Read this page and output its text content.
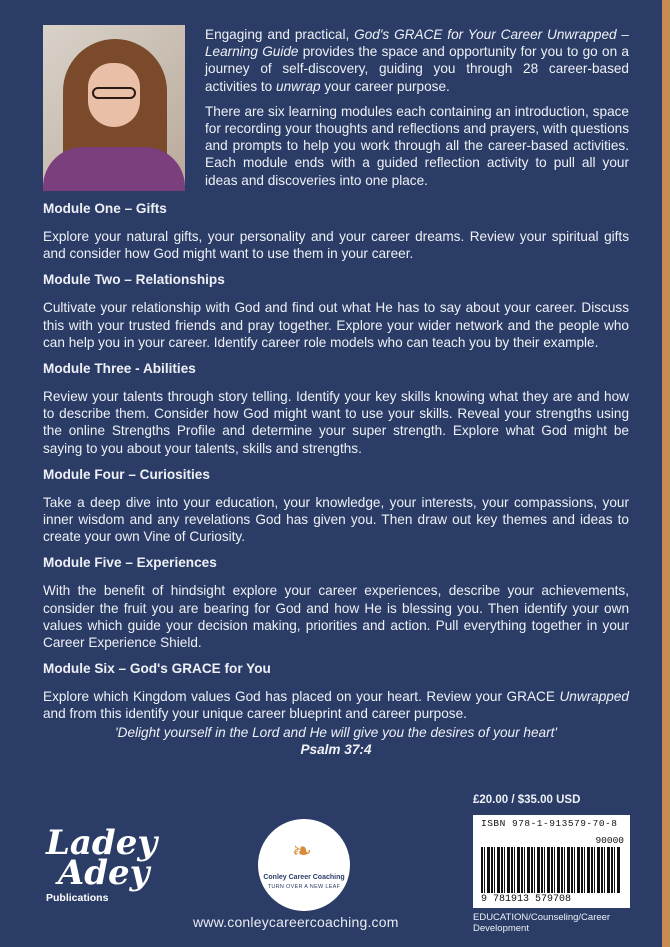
Engaging and practical, God's GRACE for Your Career Unwrapped – Learning Guide provides the space and opportunity for you to go on a journey of self-discovery, guiding you through 28 career-based activities to unwrap your career purpose.

There are six learning modules each containing an introduction, space for recording your thoughts and reflections and prayers, with questions and prompts to help you work through all the career-based activities. Each module ends with a guided reflection activity to pull all your ideas and discoveries into one place.

Module One – Gifts
Explore your natural gifts, your personality and your career dreams. Review your spiritual gifts and consider how God might want to use them in your career.
Module Two – Relationships
Cultivate your relationship with God and find out what He has to say about your career. Discuss this with your trusted friends and pray together. Explore your wider network and the people who can help you in your career. Identify career role models who can teach you by their example.
Module Three - Abilities
Review your talents through story telling. Identify your key skills knowing what they are and how to describe them. Consider how God might want to use your skills. Reveal your strengths using the online Strengths Profile and determine your super strength. Explore what God might be saying to you about your talents, skills and strengths.
Module Four – Curiosities
Take a deep dive into your education, your knowledge, your interests, your compassions, your inner wisdom and any revelations God has given you. Then draw out key themes and ideas to create your own Vine of Curiosity.
Module Five – Experiences
With the benefit of hindsight explore your career experiences, describe your achievements, consider the fruit you are bearing for God and how He is blessing you. Then identify your own values which guide your decision making, priorities and action. Pull everything together in your Career Experience Shield.
Module Six – God's GRACE for You
Explore which Kingdom values God has placed on your heart. Review your GRACE Unwrapped and from this identify your unique career blueprint and career purpose.
'Delight yourself in the Lord and He will give you the desires of your heart'
Psalm 37:4
£20.00 / $35.00 USD
ISBN 978-1-913579-70-8
90000
9 781913 579708
EDUCATION/Counseling/Career Development
Ladey
Adey
Publications
❧
Conley Career Coaching
TURN OVER A NEW LEAF
www.conleycareercoaching.com
